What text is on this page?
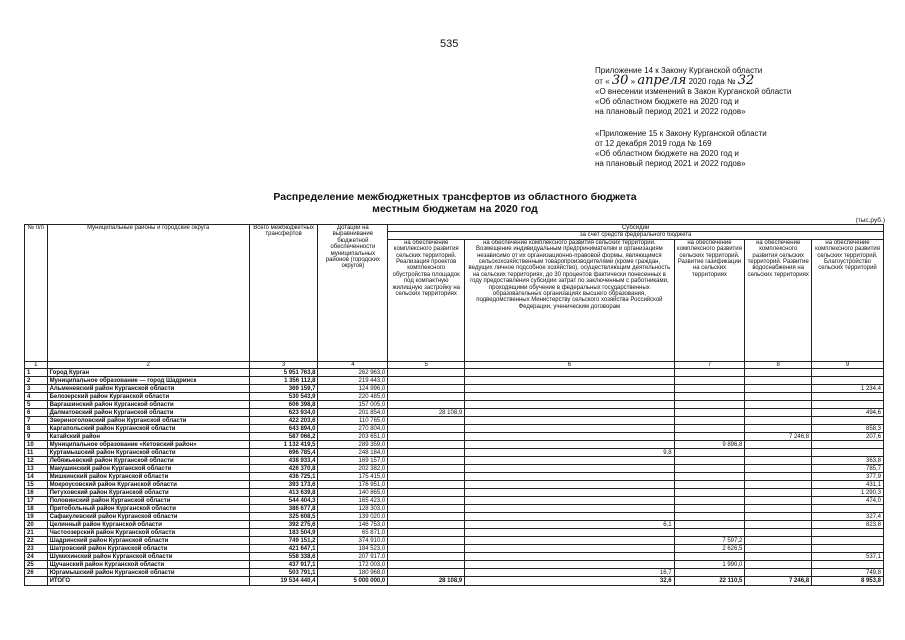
535
Приложение 14 к Закону Курганской области
от « 30 » апреля 2020 года № 32
«О внесении изменений в Закон Курганской области
«Об областном бюджете на 2020 год и
на плановый период 2021 и 2022 годов»
«Приложение 15 к Закону Курганской области
от 12 декабря 2019 года № 169
«Об областном бюджете на 2020 год и
на плановый период 2021 и 2022 годов»
Распределение межбюджетных трансфертов из областного бюджета
местным бюджетам на 2020 год
(тыс.руб.)
№ п/п	Муниципальные районы и городские округа	Всего межбюджетных трансфертов	Дотации на выравнивание бюджетной обеспеченности муниципальных районов (городских округов)	Субсидии				
				за счет средств федерального бюджета				
				на обеспечение комплексного развития сельских территорий. Реализация проектов комплексного обустройства площадок под компактную жилищную застройку на сельских территориях	на обеспечение комплексного развития сельских территорий. Возмещение индивидуальным предпринимателям и организациям независимо от их организационно-правовой формы, являющимся сельскохозяйственным товаропроизводителями (кроме граждан, ведущих личное подсобное хозяйство), осуществляющим деятельность на сельских территориях, до 30 процентов фактически понесенных в году предоставления субсидии затрат по заключенным с работниками, проходящими обучение в федеральных государственных образовательных организациях высшего образования, подведомственных Министерству сельского хозяйства Российской Федерации, ученическим договорам	на обеспечение комплексного развития сельских территорий. Развитие газификации на сельских территориях	на обеспечение комплексного развития сельских территорий. Развитие водоснабжения на сельских территориях	на обеспечение комплексного развития сельских территорий. Благоустройство сельских территорий
1	2	3	4	5	6	7	8	9
1	Город Курган	5 951 763,8	262 963,0					
2	Муниципальное образование — город Шадринск	1 356 112,8	219 443,0					
3	Альменевский район Курганской области	369 159,7	124 996,0					1 234,4
4	Белозерский район Курганской области	530 543,9	220 485,0					
5	Варгашинский район Курганской области	606 398,8	157 005,0					
6	Далматовский район Курганской области	623 934,0	201 854,0	28 108,9				494,6
7	Звериноголовский район Курганской области	422 203,6	110 765,0					
8	Каргапольский район Курганской области	643 894,0	270 804,0					858,3
9	Катайский район	587 066,2	203 651,0				7 246,8	207,6
10	Муниципальное образование «Кетовский район»	1 132 419,5	289 359,0			9 896,8		
11	Куртамышский район Курганской области	696 785,4	248 184,0		9,8			
12	Лебяжьевский район Курганской области	438 933,4	169 157,0					363,8
13	Макушинский район Курганской области	426 370,8	202 382,0					785,7
14	Мишкинский район Курганской области	436 725,1	175 415,0					377,9
15	Мокроусовский район Курганской области	393 173,6	176 951,0					431,1
16	Петуховский район Курганской области	413 639,8	140 865,0					1 290,3
17	Половинский район Курганской области	544 404,3	165 423,0					474,0
18	Притобольный район Курганской области	386 677,8	128 303,0					
19	Сафакулевский район Курганской области	325 608,5	139 020,0					327,4
20	Целинный район Курганской области	392 275,6	146 753,0		6,1			823,8
21	Частоозерский район Курганской области	183 504,9	65 871,0					
22	Шадринский район Курганской области	749 151,2	374 910,0			7 597,2		
23	Шатровский район Курганской области	421 647,1	184 523,0			2 626,5		
24	Шумихинский район Курганской области	558 338,6	207 917,0					537,1
25	Щучанский район Курганской области	437 917,1	172 003,0			1 990,0		
26	Юргамышский район Курганской области	503 791,1	180 968,0		16,7			749,8
	ИТОГО	19 534 440,4	5 000 000,0	28 108,9	32,6	22 110,5	7 246,8	8 953,8
